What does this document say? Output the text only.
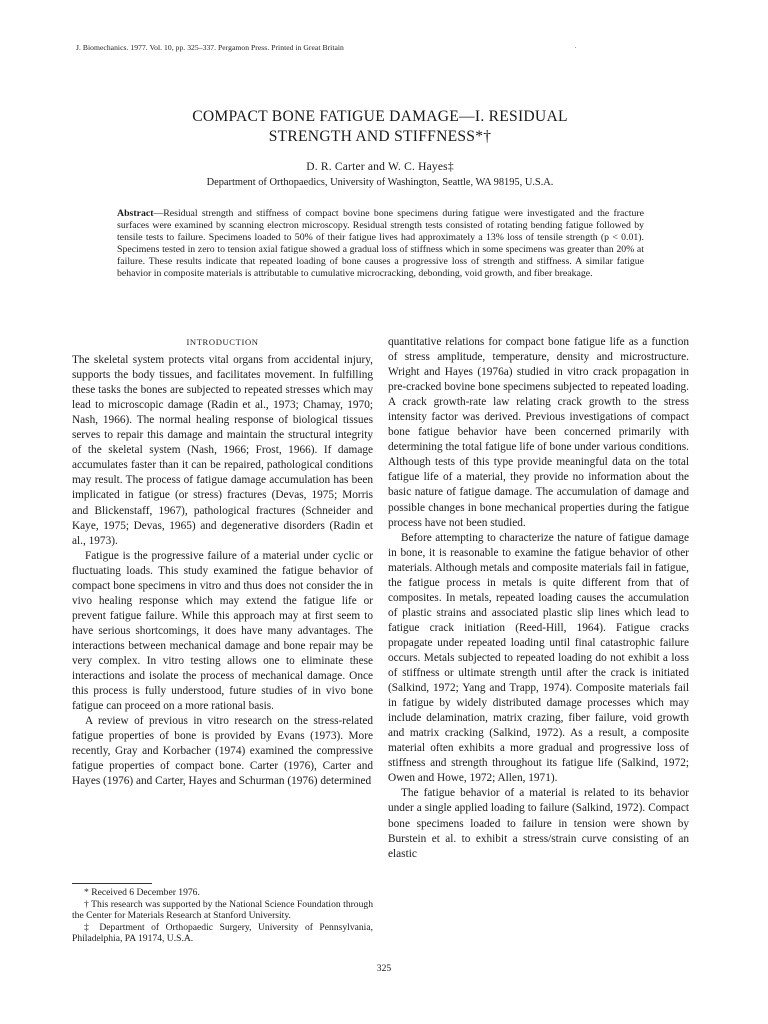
J. Biomechanics. 1977. Vol. 10, pp. 325–337. Pergamon Press. Printed in Great Britain
COMPACT BONE FATIGUE DAMAGE—I. RESIDUAL
STRENGTH AND STIFFNESS*†
D. R. Carter and W. C. Hayes‡
Department of Orthopaedics, University of Washington, Seattle, WA 98195, U.S.A.

Abstract—Residual strength and stiffness of compact bovine bone specimens during fatigue were investigated and the fracture surfaces were examined by scanning electron microscopy. Residual strength tests consisted of rotating bending fatigue followed by tensile tests to failure. Specimens loaded to 50% of their fatigue lives had approximately a 13% loss of tensile strength (p < 0.01). Specimens tested in zero to tension axial fatigue showed a gradual loss of stiffness which in some specimens was greater than 20% at failure. These results indicate that repeated loading of bone causes a progressive loss of strength and stiffness. A similar fatigue behavior in composite materials is attributable to cumulative microcracking, debonding, void growth, and fiber breakage.

INTRODUCTION

The skeletal system protects vital organs from accidental injury, supports the body tissues, and facilitates movement. In fulfilling these tasks the bones are subjected to repeated stresses which may lead to microscopic damage (Radin et al., 1973; Chamay, 1970; Nash, 1966). The normal healing response of biological tissues serves to repair this damage and maintain the structural integrity of the skeletal system (Nash, 1966; Frost, 1966). If damage accumulates faster than it can be repaired, pathological conditions may result. The process of fatigue damage accumulation has been implicated in fatigue (or stress) fractures (Devas, 1975; Morris and Blickenstaff, 1967), pathological fractures (Schneider and Kaye, 1975; Devas, 1965) and degenerative disorders (Radin et al., 1973).

Fatigue is the progressive failure of a material under cyclic or fluctuating loads. This study examined the fatigue behavior of compact bone specimens in vitro and thus does not consider the in vivo healing response which may extend the fatigue life or prevent fatigue failure. While this approach may at first seem to have serious shortcomings, it does have many advantages. The interactions between mechanical damage and bone repair may be very complex. In vitro testing allows one to eliminate these interactions and isolate the process of mechanical damage. Once this process is fully understood, future studies of in vivo bone fatigue can proceed on a more rational basis.

A review of previous in vitro research on the stress-related fatigue properties of bone is provided by Evans (1973). More recently, Gray and Korbacher (1974) examined the compressive fatigue properties of compact bone. Carter (1976), Carter and Hayes (1976) and Carter, Hayes and Schurman (1976) determined

quantitative relations for compact bone fatigue life as a function of stress amplitude, temperature, density and microstructure. Wright and Hayes (1976a) studied in vitro crack propagation in pre-cracked bovine bone specimens subjected to repeated loading. A crack growth-rate law relating crack growth to the stress intensity factor was derived. Previous investigations of compact bone fatigue behavior have been concerned primarily with determining the total fatigue life of bone under various conditions. Although tests of this type provide meaningful data on the total fatigue life of a material, they provide no information about the basic nature of fatigue damage. The accumulation of damage and possible changes in bone mechanical properties during the fatigue process have not been studied.

Before attempting to characterize the nature of fatigue damage in bone, it is reasonable to examine the fatigue behavior of other materials. Although metals and composite materials fail in fatigue, the fatigue process in metals is quite different from that of composites. In metals, repeated loading causes the accumulation of plastic strains and associated plastic slip lines which lead to fatigue crack initiation (Reed-Hill, 1964). Fatigue cracks propagate under repeated loading until final catastrophic failure occurs. Metals subjected to repeated loading do not exhibit a loss of stiffness or ultimate strength until after the crack is initiated (Salkind, 1972; Yang and Trapp, 1974). Composite materials fail in fatigue by widely distributed damage processes which may include delamination, matrix crazing, fiber failure, void growth and matrix cracking (Salkind, 1972). As a result, a composite material often exhibits a more gradual and progressive loss of stiffness and strength throughout its fatigue life (Salkind, 1972; Owen and Howe, 1972; Allen, 1971).

The fatigue behavior of a material is related to its behavior under a single applied loading to failure (Salkind, 1972). Compact bone specimens loaded to failure in tension were shown by Burstein et al. to exhibit a stress/strain curve consisting of an elastic

* Received 6 December 1976.

† This research was supported by the National Science Foundation through the Center for Materials Research at Stanford University.

‡ Department of Orthopaedic Surgery, University of Pennsylvania, Philadelphia, PA 19174, U.S.A.

325
